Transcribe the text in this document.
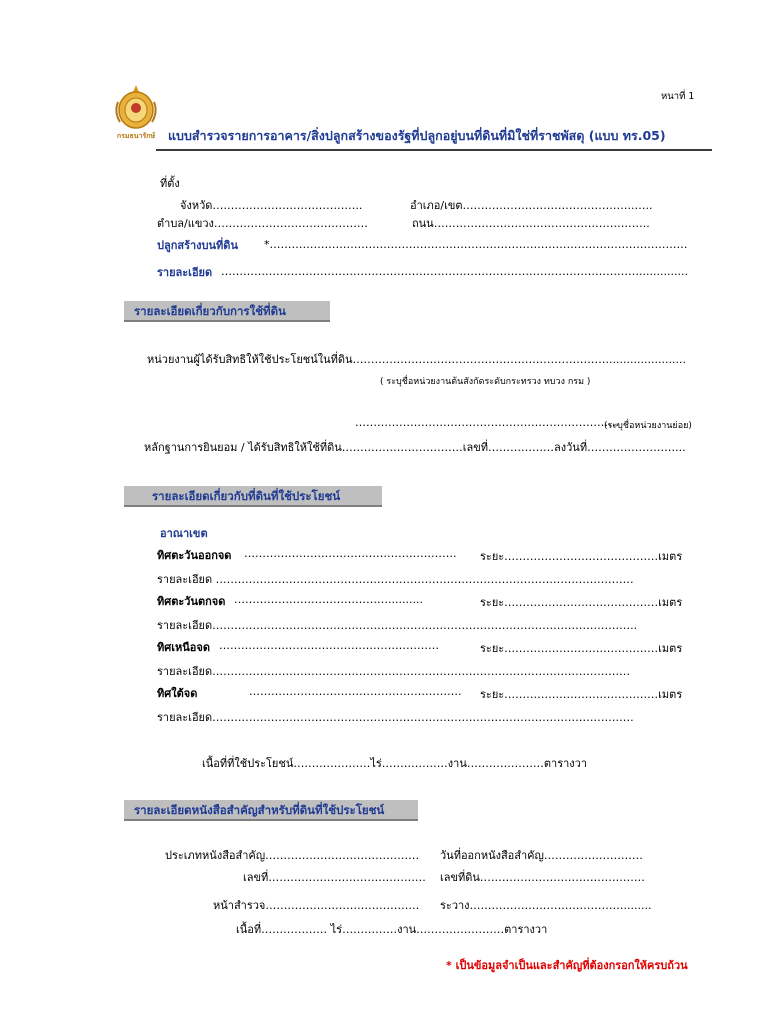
หนาที่ 1
กรมธนารักษ์ แบบสํารวจรายการอาคาร/สิ่งปลูกสร้างของรัฐที่ปลูกอยู่บนที่ดินที่มิใช่ที่ราชพัสดุ (แบบ ทร.05)
ที่ตั้ง
จังหวัด…………………………………..	อําเภอ/เขต………………………………………..…..
ตําบล/แขวง……………………………………	ถนน…………………………………………………..
ปลูกสร้างบนที่ดิน *……………………………………………………………………………………………………
รายละเอียด ……………………………………………………………………………………………………..............
รายละเอียดเกี่ยวกับการใช้ที่ดิน
หน่วยงานผู้ได้รับสิทธิให้ใช้ประโยชน์ในที่ดิน…………………………………………………………….......................
( ระบุชื่อหน่วยงานต้นสังกัดระดับกระทรวง ทบวง กรม )
………………………………………………………………
(ระบุชื่อหน่วยงานย่อย)
หลักฐานการยินยอม / ได้รับสิทธิให้ใช้ที่ดิน……………………………เลขที่………………ลงวันที่……………………...
รายละเอียดเกี่ยวกับที่ดินที่ใช้ประโยชน์
อาณาเขต
ทิศตะวันออกจด …………………………………………………. ระยะ……………………………………เมตร
รายละเอียด ……………………………………………………………………………………………………
ทิศตะวันตกจด ……………………………………..........	ระยะ……………………………………เมตร
รายละเอียด……………………………………………………………………………………………………..
ทิศเหนือจด ……………………………………………………	ระยะ……………………………………เมตร
รายละเอียด……………………………………………………………………………………………………
ทิศใต้จด	…………………………………………………. ระยะ……………………………………เมตร
รายละเอียด…………………………………………………………………………………………………….
เนื้อที่ที่ใช้ประโยชน์…………………ไร่………………งาน…………………ตารางวา
รายละเอียดหนังสือสําคัญสําหรับที่ดินที่ใช้ประโยชน์
ประเภทหนังสือสําคัญ…………………………………… วันที่ออกหนังสือสําคัญ………………………
เลขที่……………………………………. เลขที่ดิน………………………………………
หน้าสํารวจ…………………………………… ระวาง……………………………………........
เนื้อที่……………… ไร่……………งาน……………………ตารางวา
* เป็นข้อมูลจําเป็นและสําคัญที่ต้องกรอกให้ครบถ้วน
